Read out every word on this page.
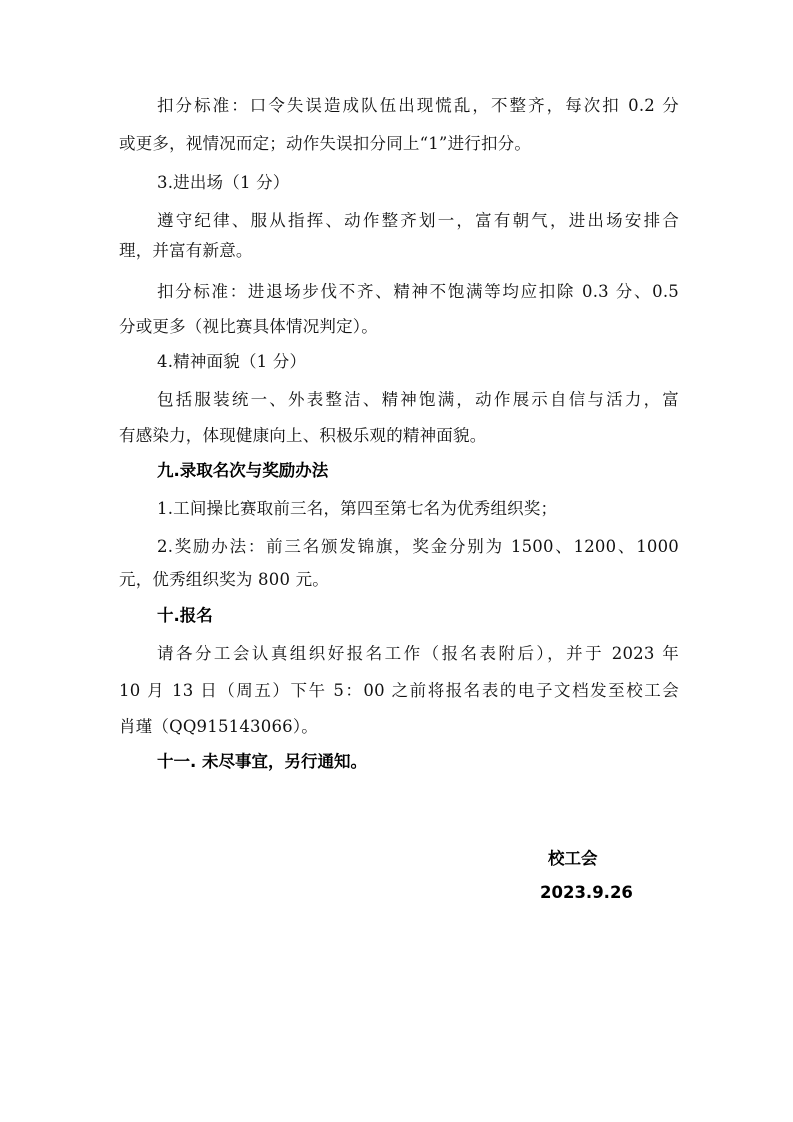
扣分标准：口令失误造成队伍出现慌乱，不整齐，每次扣 0.2 分
或更多，视情况而定；动作失误扣分同上“1”进行扣分。
3.进出场（1 分）
遵守纪律、服从指挥、动作整齐划一，富有朝气，进出场安排合
理，并富有新意。
扣分标准：进退场步伐不齐、精神不饱满等均应扣除 0.3 分、0.5
分或更多（视比赛具体情况判定）。
4.精神面貌（1 分）
包括服装统一、外表整洁、精神饱满，动作展示自信与活力，富
有感染力，体现健康向上、积极乐观的精神面貌。
九.录取名次与奖励办法
1.工间操比赛取前三名，第四至第七名为优秀组织奖；
2.奖励办法：前三名颁发锦旗，奖金分别为 1500、1200、1000
元，优秀组织奖为 800 元。
十.报名
请各分工会认真组织好报名工作（报名表附后），并于 2023 年
10 月 13 日（周五）下午 5：00 之前将报名表的电子文档发至校工会
肖瑾（QQ915143066）。
十一. 未尽事宜，另行通知。
校工会
2023.9.26
